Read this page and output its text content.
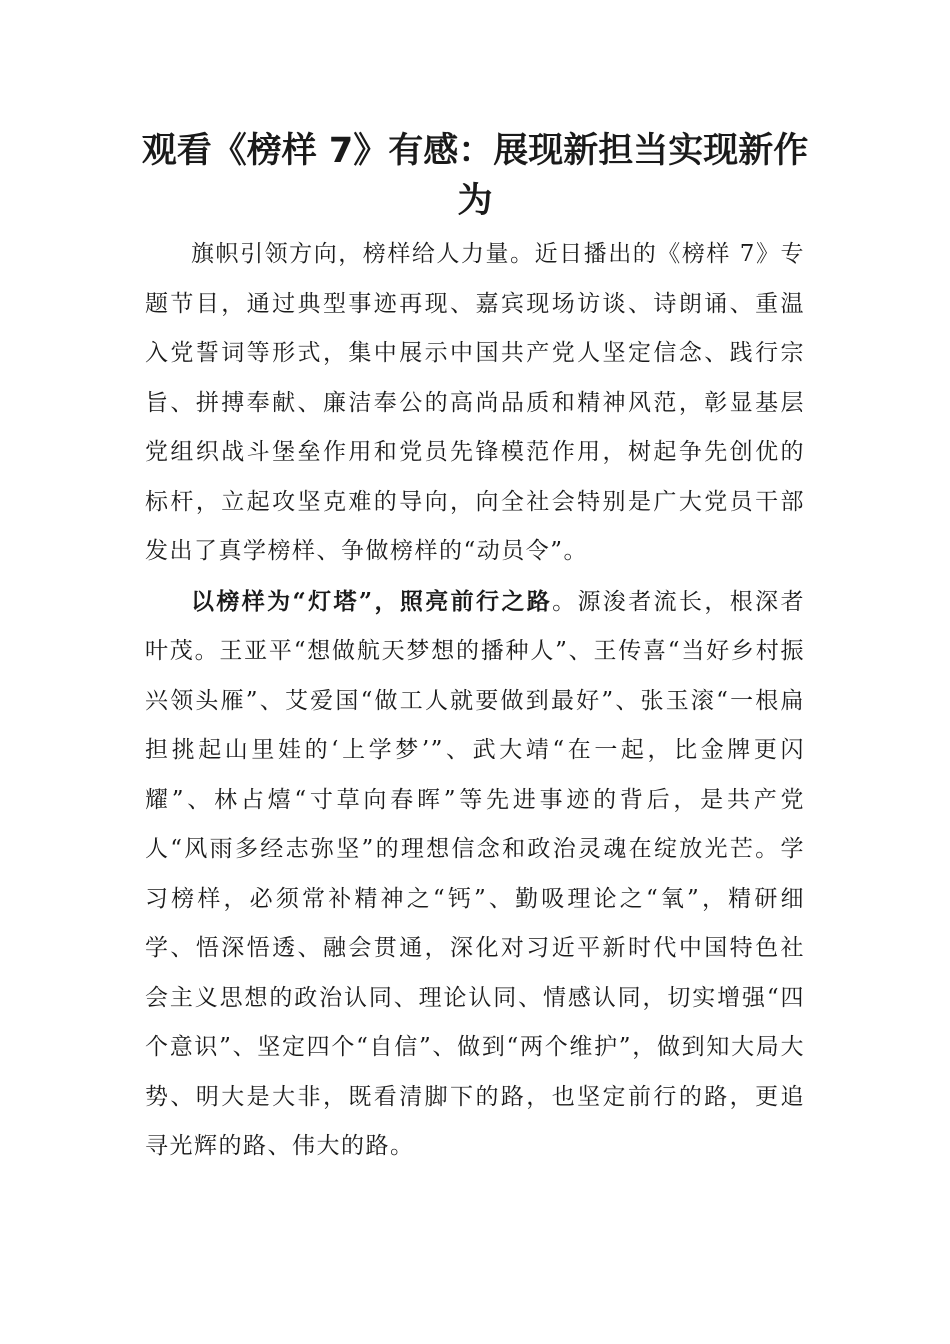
观看《榜样 7》有感：展现新担当实现新作为

旗帜引领方向，榜样给人力量。近日播出的《榜样 7》专题节目，通过典型事迹再现、嘉宾现场访谈、诗朗诵、重温入党誓词等形式，集中展示中国共产党人坚定信念、践行宗旨、拼搏奉献、廉洁奉公的高尚品质和精神风范，彰显基层党组织战斗堡垒作用和党员先锋模范作用，树起争先创优的标杆，立起攻坚克难的导向，向全社会特别是广大党员干部发出了真学榜样、争做榜样的“动员令”。

以榜样为“灯塔”，照亮前行之路。源浚者流长，根深者叶茂。王亚平“想做航天梦想的播种人”、王传喜“当好乡村振兴领头雁”、艾爱国“做工人就要做到最好”、张玉滚“一根扁担挑起山里娃的‘上学梦’”、武大靖“在一起，比金牌更闪耀”、林占熺“寸草向春晖”等先进事迹的背后，是共产党人“风雨多经志弥坚”的理想信念和政治灵魂在绽放光芒。学习榜样，必须常补精神之“钙”、勤吸理论之“氧”，精研细学、悟深悟透、融会贯通，深化对习近平新时代中国特色社会主义思想的政治认同、理论认同、情感认同，切实增强“四个意识”、坚定四个“自信”、做到“两个维护”，做到知大局大势、明大是大非，既看清脚下的路，也坚定前行的路，更追寻光辉的路、伟大的路。
